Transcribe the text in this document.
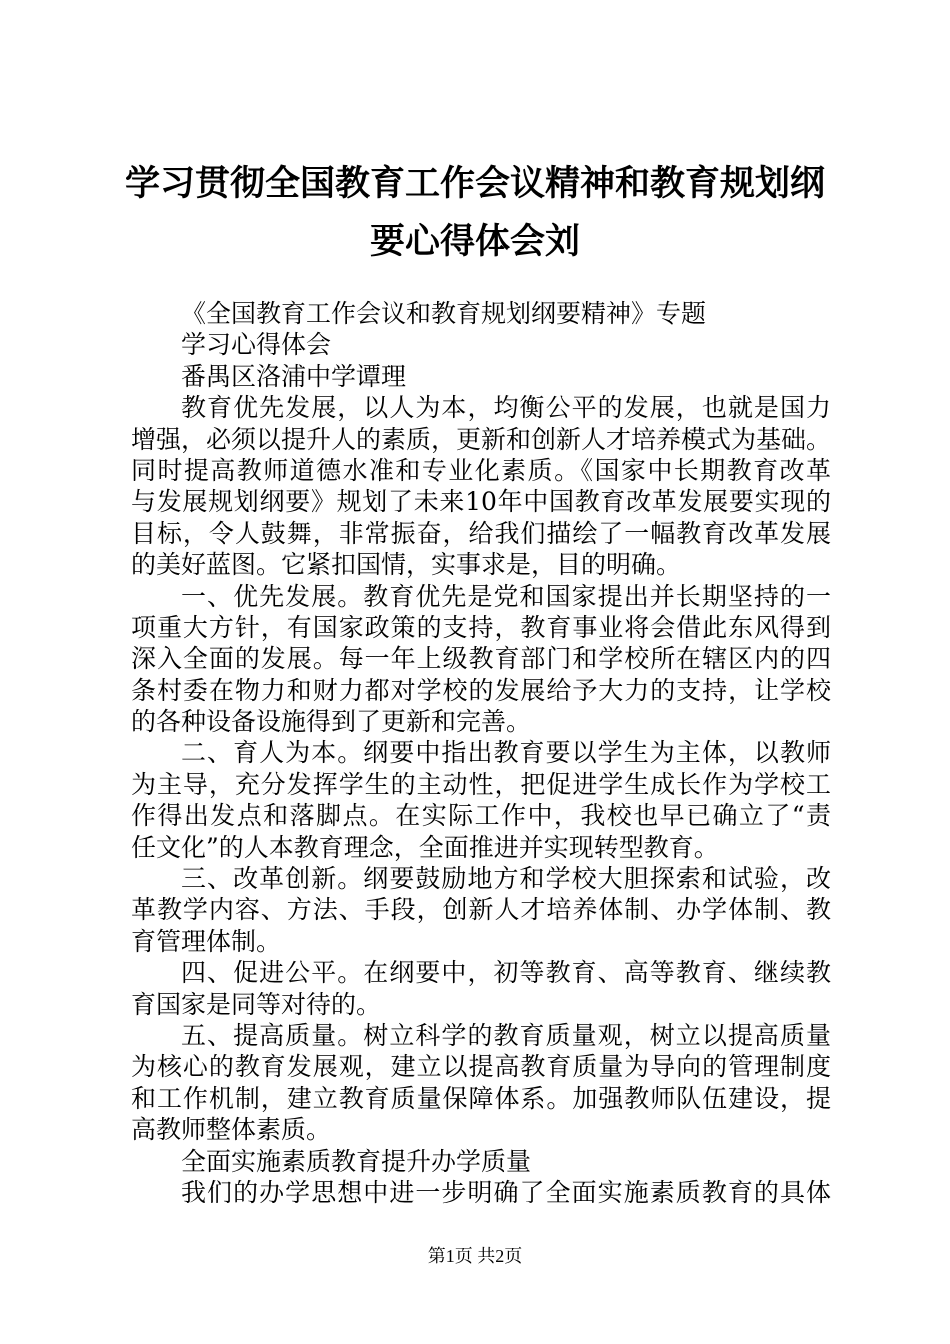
学习贯彻全国教育工作会议精神和教育规划纲
要心得体会刘
《全国教育工作会议和教育规划纲要精神》专题
学习心得体会
番禺区洛浦中学谭理
教育优先发展，以人为本，均衡公平的发展，也就是国力
增强，必须以提升人的素质，更新和创新人才培养模式为基础。
同时提高教师道德水准和专业化素质。《国家中长期教育改革
与发展规划纲要》规划了未来10年中国教育改革发展要实现的
目标，令人鼓舞，非常振奋，给我们描绘了一幅教育改革发展
的美好蓝图。它紧扣国情，实事求是，目的明确。
一、优先发展。教育优先是党和国家提出并长期坚持的一
项重大方针，有国家政策的支持，教育事业将会借此东风得到
深入全面的发展。每一年上级教育部门和学校所在辖区内的四
条村委在物力和财力都对学校的发展给予大力的支持，让学校
的各种设备设施得到了更新和完善。
二、育人为本。纲要中指出教育要以学生为主体，以教师
为主导，充分发挥学生的主动性，把促进学生成长作为学校工
作得出发点和落脚点。在实际工作中，我校也早已确立了“责
任文化”的人本教育理念，全面推进并实现转型教育。
三、改革创新。纲要鼓励地方和学校大胆探索和试验，改
革教学内容、方法、手段，创新人才培养体制、办学体制、教
育管理体制。
四、促进公平。在纲要中，初等教育、高等教育、继续教
育国家是同等对待的。
五、提高质量。树立科学的教育质量观，树立以提高质量
为核心的教育发展观，建立以提高教育质量为导向的管理制度
和工作机制，建立教育质量保障体系。加强教师队伍建设，提
高教师整体素质。
全面实施素质教育提升办学质量
我们的办学思想中进一步明确了全面实施素质教育的具体
第1页 共2页
